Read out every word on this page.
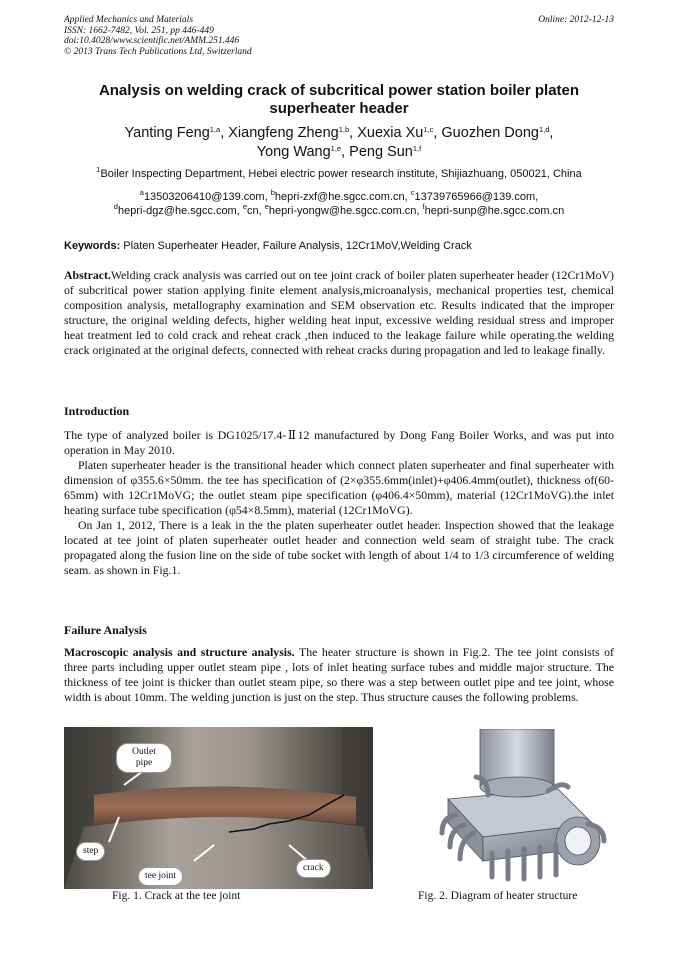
Applied Mechanics and Materials
ISSN: 1662-7482, Vol. 251, pp 446-449
doi:10.4028/www.scientific.net/AMM.251.446
© 2013 Trans Tech Publications Ltd, Switzerland
Online: 2012-12-13
Analysis on welding crack of subcritical power station boiler platen superheater header
Yanting Feng$^{1,a}$, Xiangfeng Zheng$^{1,b}$, Xuexia Xu$^{1,c}$, Guozhen Dong$^{1,d}$,
Yong Wang$^{1,e}$, Peng Sun$^{1,f}$
$^1$Boiler Inspecting Department, Hebei electric power research institute, Shijiazhuang, 050021, China
$^a$13503206410@139.com, $^b$hepri-zxf@he.sgcc.com.cn, $^c$13739765966@139.com,
$^d$hepri-dgz@he.sgcc.com, $^e$cn, $^e$hepri-yongw@he.sgcc.com.cn, $^f$hepri-sunp@he.sgcc.com.cn
Keywords: Platen Superheater Header, Failure Analysis, 12Cr1MoV,Welding Crack
Abstract.Welding crack analysis was carried out on tee joint crack of boiler platen superheater header (12Cr1MoV) of subcritical power station applying finite element analysis,microanalysis, mechanical properties test, chemical composition analysis, metallography examination and SEM observation etc. Results indicated that the improper structure, the original welding defects, higher welding heat input, excessive welding residual stress and improper heat treatment led to cold crack and reheat crack ,then induced to the leakage failure while operating.the welding crack originated at the original defects, connected with reheat cracks during propagation and led to leakage finally.
Introduction

The type of analyzed boiler is DG1025/17.4-Ⅱ12 manufactured by Dong Fang Boiler Works, and was put into operation in May 2010.

Platen superheater header is the transitional header which connect platen superheater and final superheater with dimension of φ355.6×50mm. the tee has specification of (2×φ355.6mm(inlet)+φ406.4mm(outlet), thickness of(60-65mm) with 12Cr1MoVG; the outlet steam pipe specification (φ406.4×50mm), material (12Cr1MoVG).the inlet heating surface tube specification (φ54×8.5mm), material (12Cr1MoVG).

On Jan 1, 2012, There is a leak in the the platen superheater outlet header. Inspection showed that the leakage located at tee joint of platen superheater outlet header and connection weld seam of straight tube. The crack propagated along the fusion line on the side of tube socket with length of about 1/4 to 1/3 circumference of welding seam. as shown in Fig.1.

Failure Analysis
Macroscopic analysis and structure analysis. The heater structure is shown in Fig.2. The tee joint consists of three parts including upper outlet steam pipe , lots of inlet heating surface tubes and middle major structure. The thickness of tee joint is thicker than outlet steam pipe, so there was a step between outlet pipe and tee joint, whose width is about 10mm. The welding junction is just on the step. Thus structure causes the following problems.
Outlet pipe
step
tee joint
crack
Fig. 1. Crack at the tee joint	Fig. 2. Diagram of heater structure
